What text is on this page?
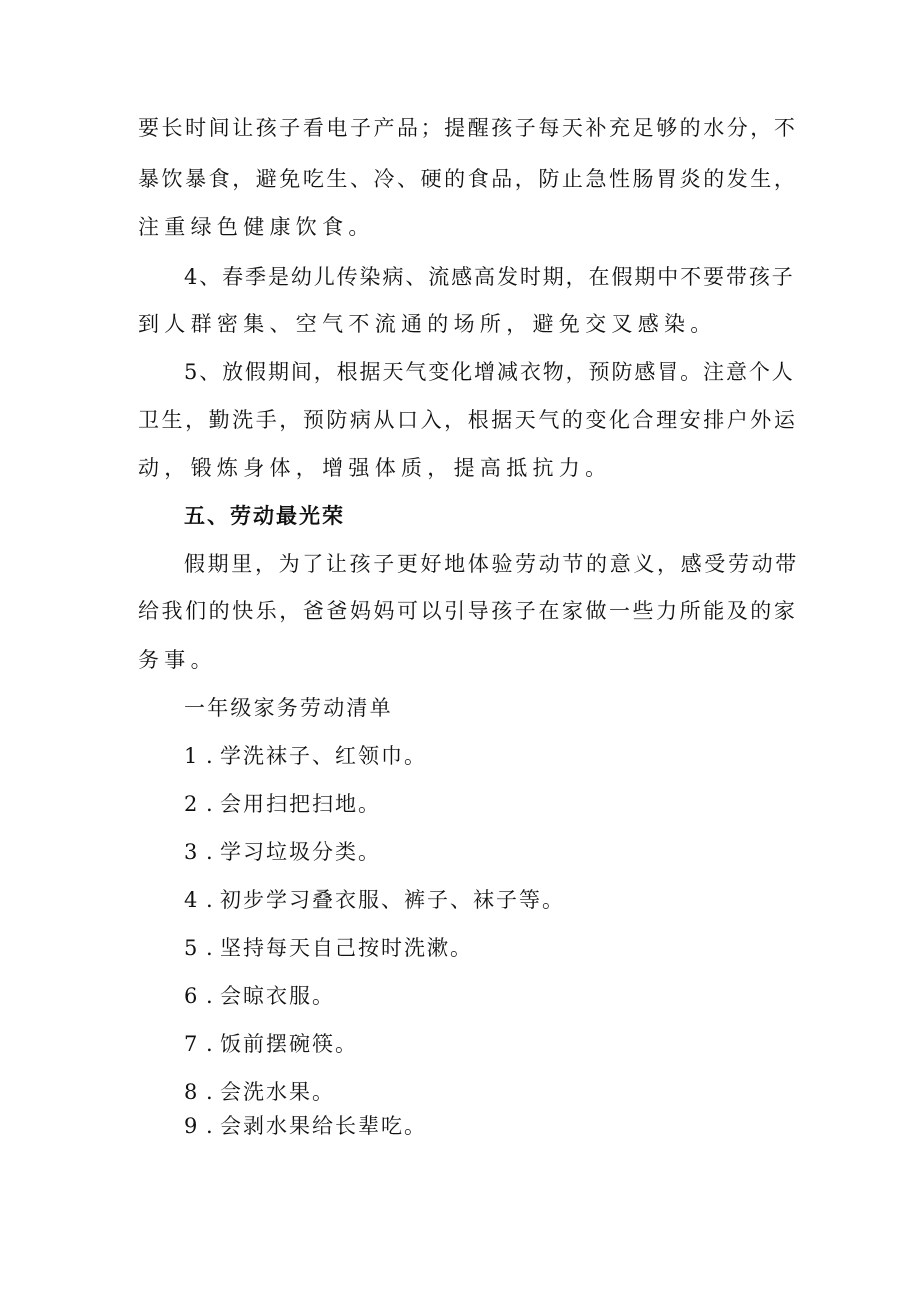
要长时间让孩子看电子产品；提醒孩子每天补充足够的水分，不
暴饮暴食，避免吃生、冷、硬的食品，防止急性肠胃炎的发生，
注重绿色健康饮食。
4、春季是幼儿传染病、流感高发时期，在假期中不要带孩子
到人群密集、空气不流通的场所，避免交叉感染。
5、放假期间，根据天气变化增减衣物，预防感冒。注意个人
卫生，勤洗手，预防病从口入，根据天气的变化合理安排户外运
动，锻炼身体，增强体质，提高抵抗力。
五、劳动最光荣
假期里，为了让孩子更好地体验劳动节的意义，感受劳动带
给我们的快乐，爸爸妈妈可以引导孩子在家做一些力所能及的家
务事。
一年级家务劳动清单
1 . 学洗袜子、红领巾。
2 . 会用扫把扫地。
3 . 学习垃圾分类。
4 . 初步学习叠衣服、裤子、袜子等。
5 . 坚持每天自己按时洗漱。
6 . 会晾衣服。
7 . 饭前摆碗筷。
8 . 会洗水果。
9 . 会剥水果给长辈吃。
